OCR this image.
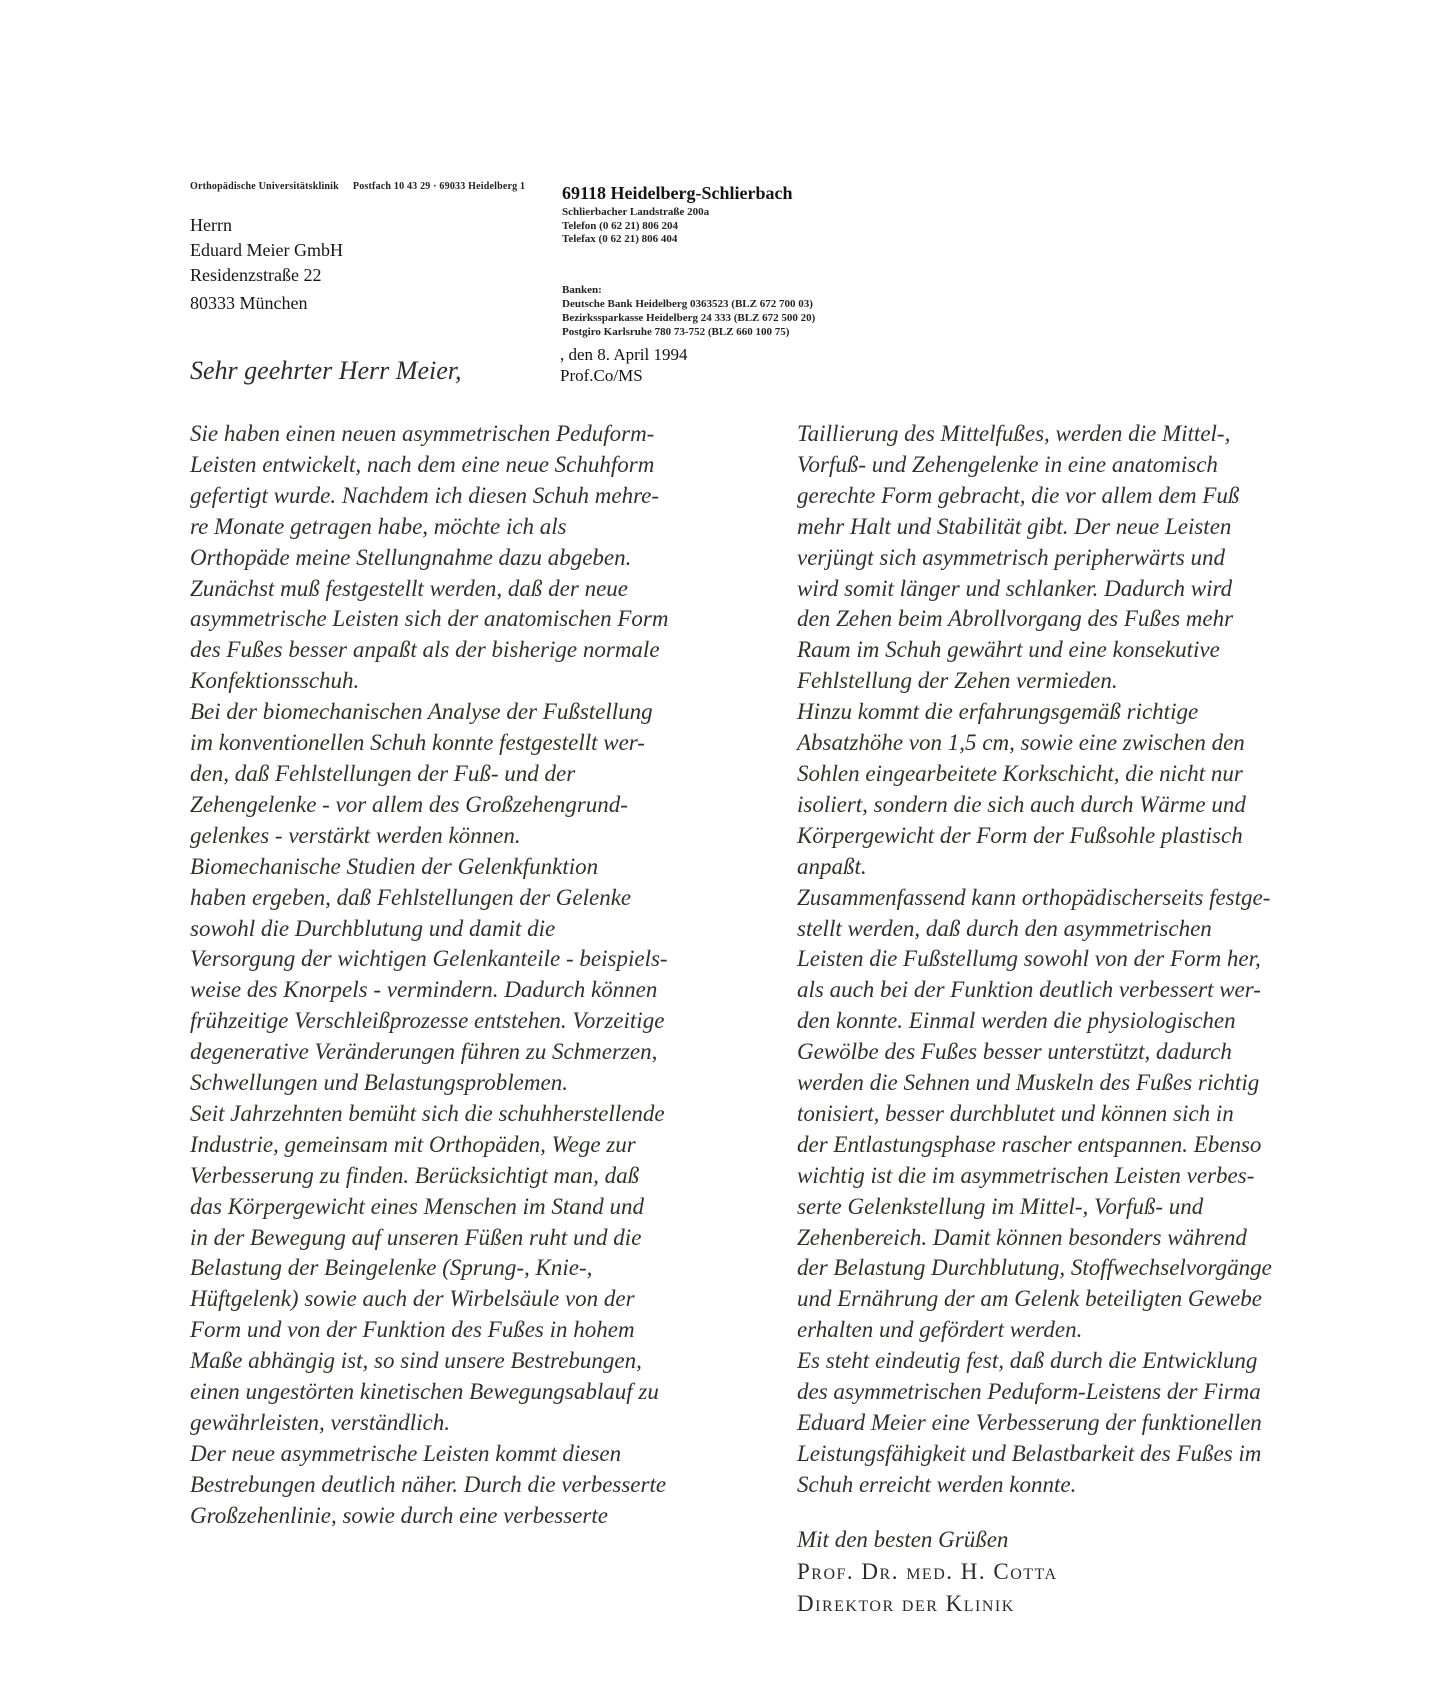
Orthopädische Universitätsklinik Postfach 10 43 29 · 69033 Heidelberg 1
Herrn
Eduard Meier GmbH
Residenzstraße 22
80333 München
69118 Heidelberg-Schlierbach
Schlierbacher Landstraße 200a
Telefon (0 62 21) 806 204
Telefax (0 62 21) 806 404
Banken:
Deutsche Bank Heidelberg 0363523 (BLZ 672 700 03)
Bezirkssparkasse Heidelberg 24 333 (BLZ 672 500 20)
Postgiro Karlsruhe 780 73-752 (BLZ 660 100 75)
, den 8. April 1994
Prof.Co/MS
Sehr geehrter Herr Meier,
Sie haben einen neuen asymmetrischen Peduform-
Leisten entwickelt, nach dem eine neue Schuhform
gefertigt wurde. Nachdem ich diesen Schuh mehre-
re Monate getragen habe, möchte ich als
Orthopäde meine Stellungnahme dazu abgeben.
Zunächst muß festgestellt werden, daß der neue
asymmetrische Leisten sich der anatomischen Form
des Fußes besser anpaßt als der bisherige normale
Konfektionsschuh.
Bei der biomechanischen Analyse der Fußstellung
im konventionellen Schuh konnte festgestellt wer-
den, daß Fehlstellungen der Fuß- und der
Zehengelenke - vor allem des Großzehengrund-
gelenkes - verstärkt werden können.
Biomechanische Studien der Gelenkfunktion
haben ergeben, daß Fehlstellungen der Gelenke
sowohl die Durchblutung und damit die
Versorgung der wichtigen Gelenkanteile - beispiels-
weise des Knorpels - vermindern. Dadurch können
frühzeitige Verschleißprozesse entstehen. Vorzeitige
degenerative Veränderungen führen zu Schmerzen,
Schwellungen und Belastungsproblemen.
Seit Jahrzehnten bemüht sich die schuhherstellende
Industrie, gemeinsam mit Orthopäden, Wege zur
Verbesserung zu finden. Berücksichtigt man, daß
das Körpergewicht eines Menschen im Stand und
in der Bewegung auf unseren Füßen ruht und die
Belastung der Beingelenke (Sprung-, Knie-,
Hüftgelenk) sowie auch der Wirbelsäule von der
Form und von der Funktion des Fußes in hohem
Maße abhängig ist, so sind unsere Bestrebungen,
einen ungestörten kinetischen Bewegungsablauf zu
gewährleisten, verständlich.
Der neue asymmetrische Leisten kommt diesen
Bestrebungen deutlich näher. Durch die verbesserte
Großzehenlinie, sowie durch eine verbesserte
Taillierung des Mittelfußes, werden die Mittel-,
Vorfuß- und Zehengelenke in eine anatomisch
gerechte Form gebracht, die vor allem dem Fuß
mehr Halt und Stabilität gibt. Der neue Leisten
verjüngt sich asymmetrisch peripherwärts und
wird somit länger und schlanker. Dadurch wird
den Zehen beim Abrollvorgang des Fußes mehr
Raum im Schuh gewährt und eine konsekutive
Fehlstellung der Zehen vermieden.
Hinzu kommt die erfahrungsgemäß richtige
Absatzhöhe von 1,5 cm, sowie eine zwischen den
Sohlen eingearbeitete Korkschicht, die nicht nur
isoliert, sondern die sich auch durch Wärme und
Körpergewicht der Form der Fußsohle plastisch
anpaßt.
Zusammenfassend kann orthopädischerseits festge-
stellt werden, daß durch den asymmetrischen
Leisten die Fußstellumg sowohl von der Form her,
als auch bei der Funktion deutlich verbessert wer-
den konnte. Einmal werden die physiologischen
Gewölbe des Fußes besser unterstützt, dadurch
werden die Sehnen und Muskeln des Fußes richtig
tonisiert, besser durchblutet und können sich in
der Entlastungsphase rascher entspannen. Ebenso
wichtig ist die im asymmetrischen Leisten verbes-
serte Gelenkstellung im Mittel-, Vorfuß- und
Zehenbereich. Damit können besonders während
der Belastung Durchblutung, Stoffwechselvorgänge
und Ernährung der am Gelenk beteiligten Gewebe
erhalten und gefördert werden.
Es steht eindeutig fest, daß durch die Entwicklung
des asymmetrischen Peduform-Leistens der Firma
Eduard Meier eine Verbesserung der funktionellen
Leistungsfähigkeit und Belastbarkeit des Fußes im
Schuh erreicht werden konnte.
Mit den besten Grüßen
Prof. Dr. med. H. Cotta
Direktor der Klinik
